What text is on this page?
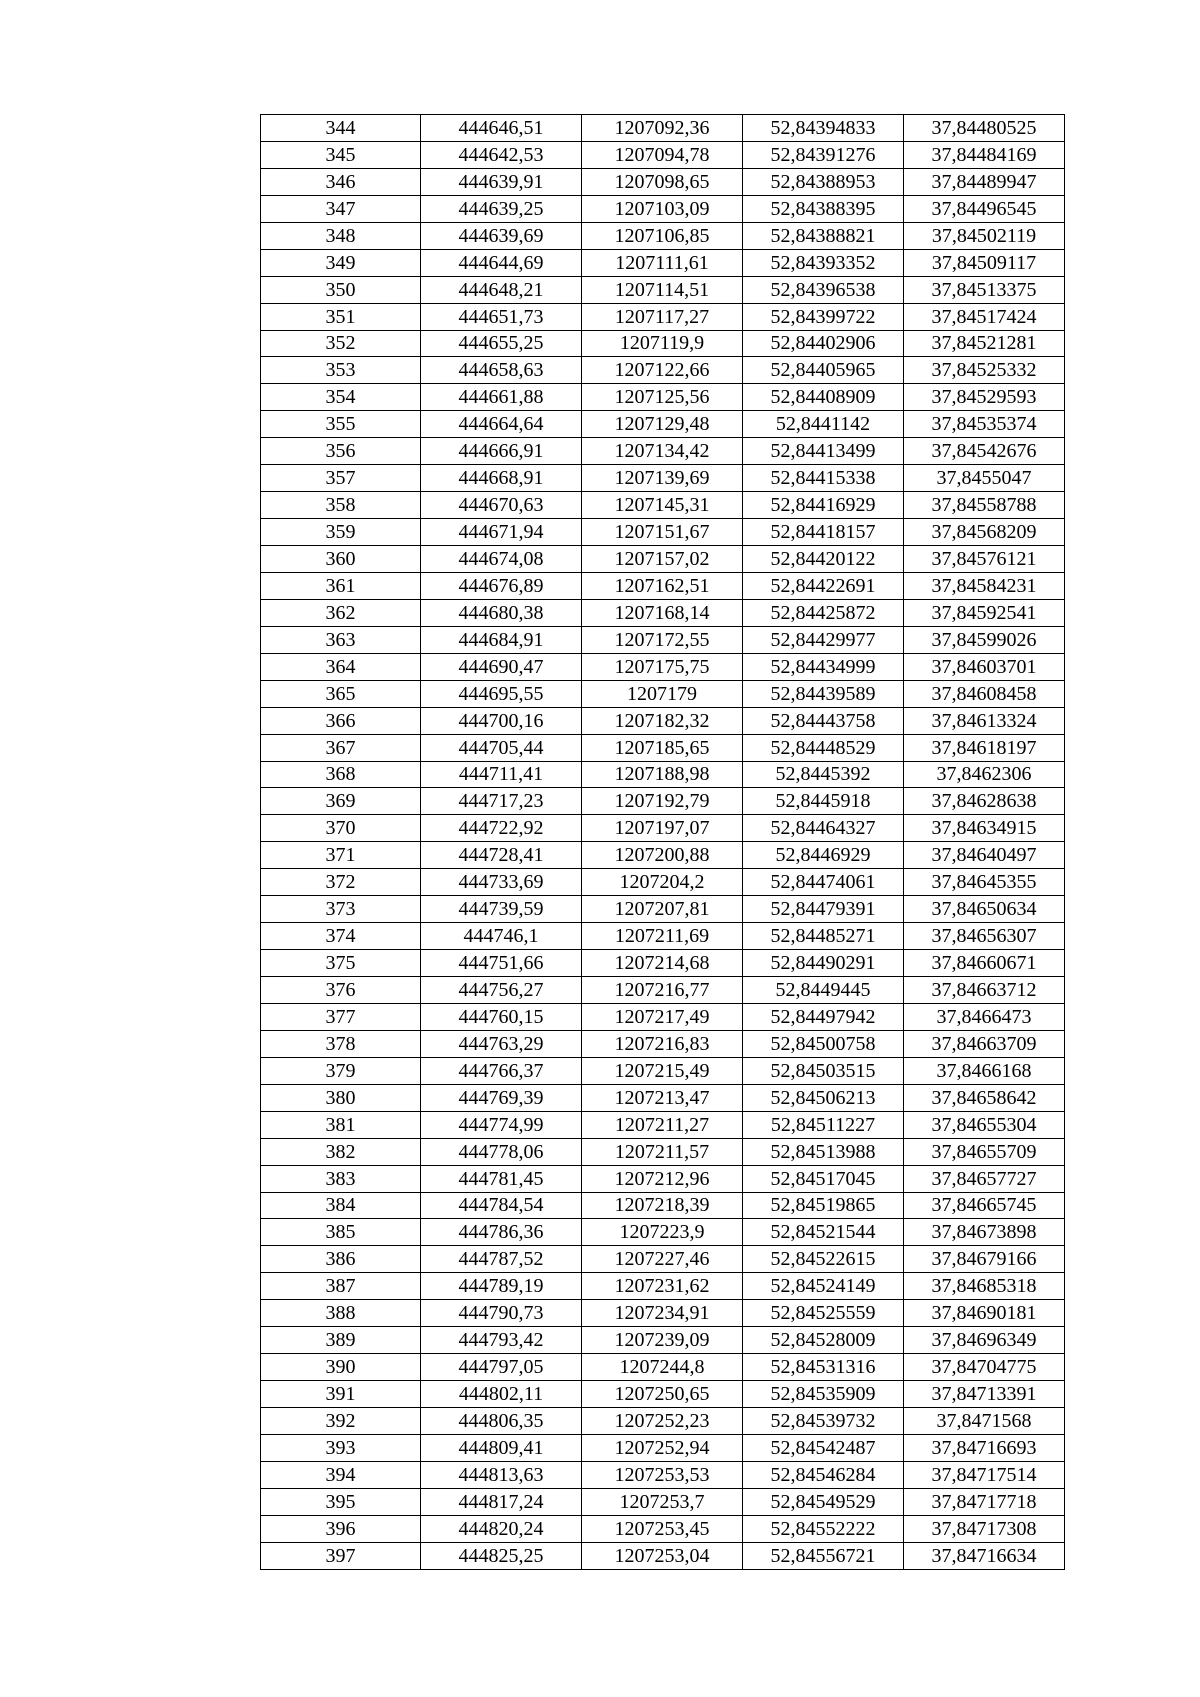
344	444646,51	1207092,36	52,84394833	37,84480525
345	444642,53	1207094,78	52,84391276	37,84484169
346	444639,91	1207098,65	52,84388953	37,84489947
347	444639,25	1207103,09	52,84388395	37,84496545
348	444639,69	1207106,85	52,84388821	37,84502119
349	444644,69	1207111,61	52,84393352	37,84509117
350	444648,21	1207114,51	52,84396538	37,84513375
351	444651,73	1207117,27	52,84399722	37,84517424
352	444655,25	1207119,9	52,84402906	37,84521281
353	444658,63	1207122,66	52,84405965	37,84525332
354	444661,88	1207125,56	52,84408909	37,84529593
355	444664,64	1207129,48	52,8441142	37,84535374
356	444666,91	1207134,42	52,84413499	37,84542676
357	444668,91	1207139,69	52,84415338	37,8455047
358	444670,63	1207145,31	52,84416929	37,84558788
359	444671,94	1207151,67	52,84418157	37,84568209
360	444674,08	1207157,02	52,84420122	37,84576121
361	444676,89	1207162,51	52,84422691	37,84584231
362	444680,38	1207168,14	52,84425872	37,84592541
363	444684,91	1207172,55	52,84429977	37,84599026
364	444690,47	1207175,75	52,84434999	37,84603701
365	444695,55	1207179	52,84439589	37,84608458
366	444700,16	1207182,32	52,84443758	37,84613324
367	444705,44	1207185,65	52,84448529	37,84618197
368	444711,41	1207188,98	52,8445392	37,8462306
369	444717,23	1207192,79	52,8445918	37,84628638
370	444722,92	1207197,07	52,84464327	37,84634915
371	444728,41	1207200,88	52,8446929	37,84640497
372	444733,69	1207204,2	52,84474061	37,84645355
373	444739,59	1207207,81	52,84479391	37,84650634
374	444746,1	1207211,69	52,84485271	37,84656307
375	444751,66	1207214,68	52,84490291	37,84660671
376	444756,27	1207216,77	52,8449445	37,84663712
377	444760,15	1207217,49	52,84497942	37,8466473
378	444763,29	1207216,83	52,84500758	37,84663709
379	444766,37	1207215,49	52,84503515	37,8466168
380	444769,39	1207213,47	52,84506213	37,84658642
381	444774,99	1207211,27	52,84511227	37,84655304
382	444778,06	1207211,57	52,84513988	37,84655709
383	444781,45	1207212,96	52,84517045	37,84657727
384	444784,54	1207218,39	52,84519865	37,84665745
385	444786,36	1207223,9	52,84521544	37,84673898
386	444787,52	1207227,46	52,84522615	37,84679166
387	444789,19	1207231,62	52,84524149	37,84685318
388	444790,73	1207234,91	52,84525559	37,84690181
389	444793,42	1207239,09	52,84528009	37,84696349
390	444797,05	1207244,8	52,84531316	37,84704775
391	444802,11	1207250,65	52,84535909	37,84713391
392	444806,35	1207252,23	52,84539732	37,8471568
393	444809,41	1207252,94	52,84542487	37,84716693
394	444813,63	1207253,53	52,84546284	37,84717514
395	444817,24	1207253,7	52,84549529	37,84717718
396	444820,24	1207253,45	52,84552222	37,84717308
397	444825,25	1207253,04	52,84556721	37,84716634
